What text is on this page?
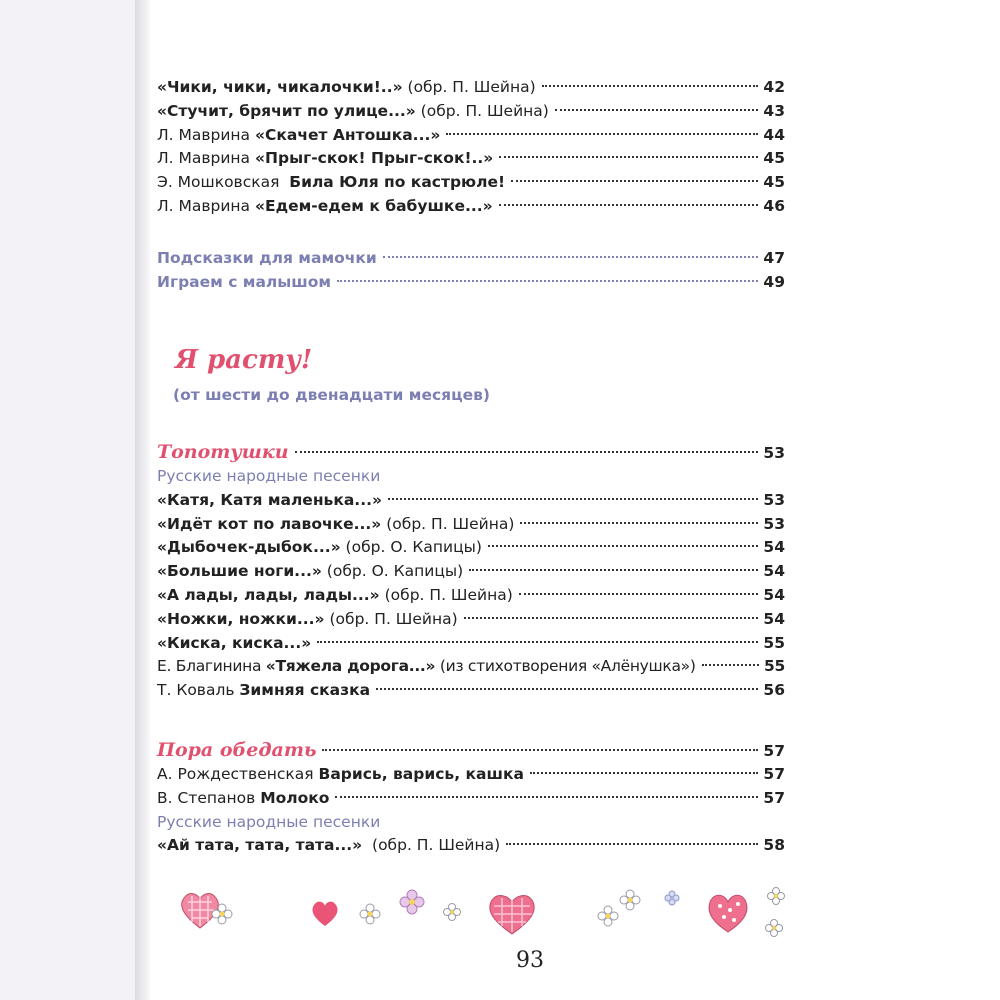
«Чики, чики, чикалочки!..» (обр. П. Шейна)	42
«Стучит, брячит по улице...» (обр. П. Шейна)	43
Л. Маврина «Скачет Антошка...»	44
Л. Маврина «Прыг-скок! Прыг-скок!..»	45
Э. Мошковская  Била Юля по кастрюле!	45
Л. Маврина «Едем-едем к бабушке...»	46
Подсказки для мамочки	47
Играем с малышом	49
Я расту!

(от шести до двенадцати месяцев)

Топотушки	53
Русские народные песенки
«Катя, Катя маленька...»	53
«Идёт кот по лавочке...» (обр. П. Шейна)	53
«Дыбочек-дыбок...» (обр. О. Капицы)	54
«Большие ноги...» (обр. О. Капицы)	54
«А лады, лады, лады...» (обр. П. Шейна)	54
«Ножки, ножки...» (обр. П. Шейна)	54
«Киска, киска...»	55
Е. Благинина «Тяжела дорога...» (из стихотворения «Алёнушка»)	55
Т. Коваль Зимняя сказка	56
Пора обедать	57
А. Рождественская Варись, варись, кашка	57
В. Степанов Молоко	57
Русские народные песенки
«Ай тата, тата, тата...»  (обр. П. Шейна)	58
93
